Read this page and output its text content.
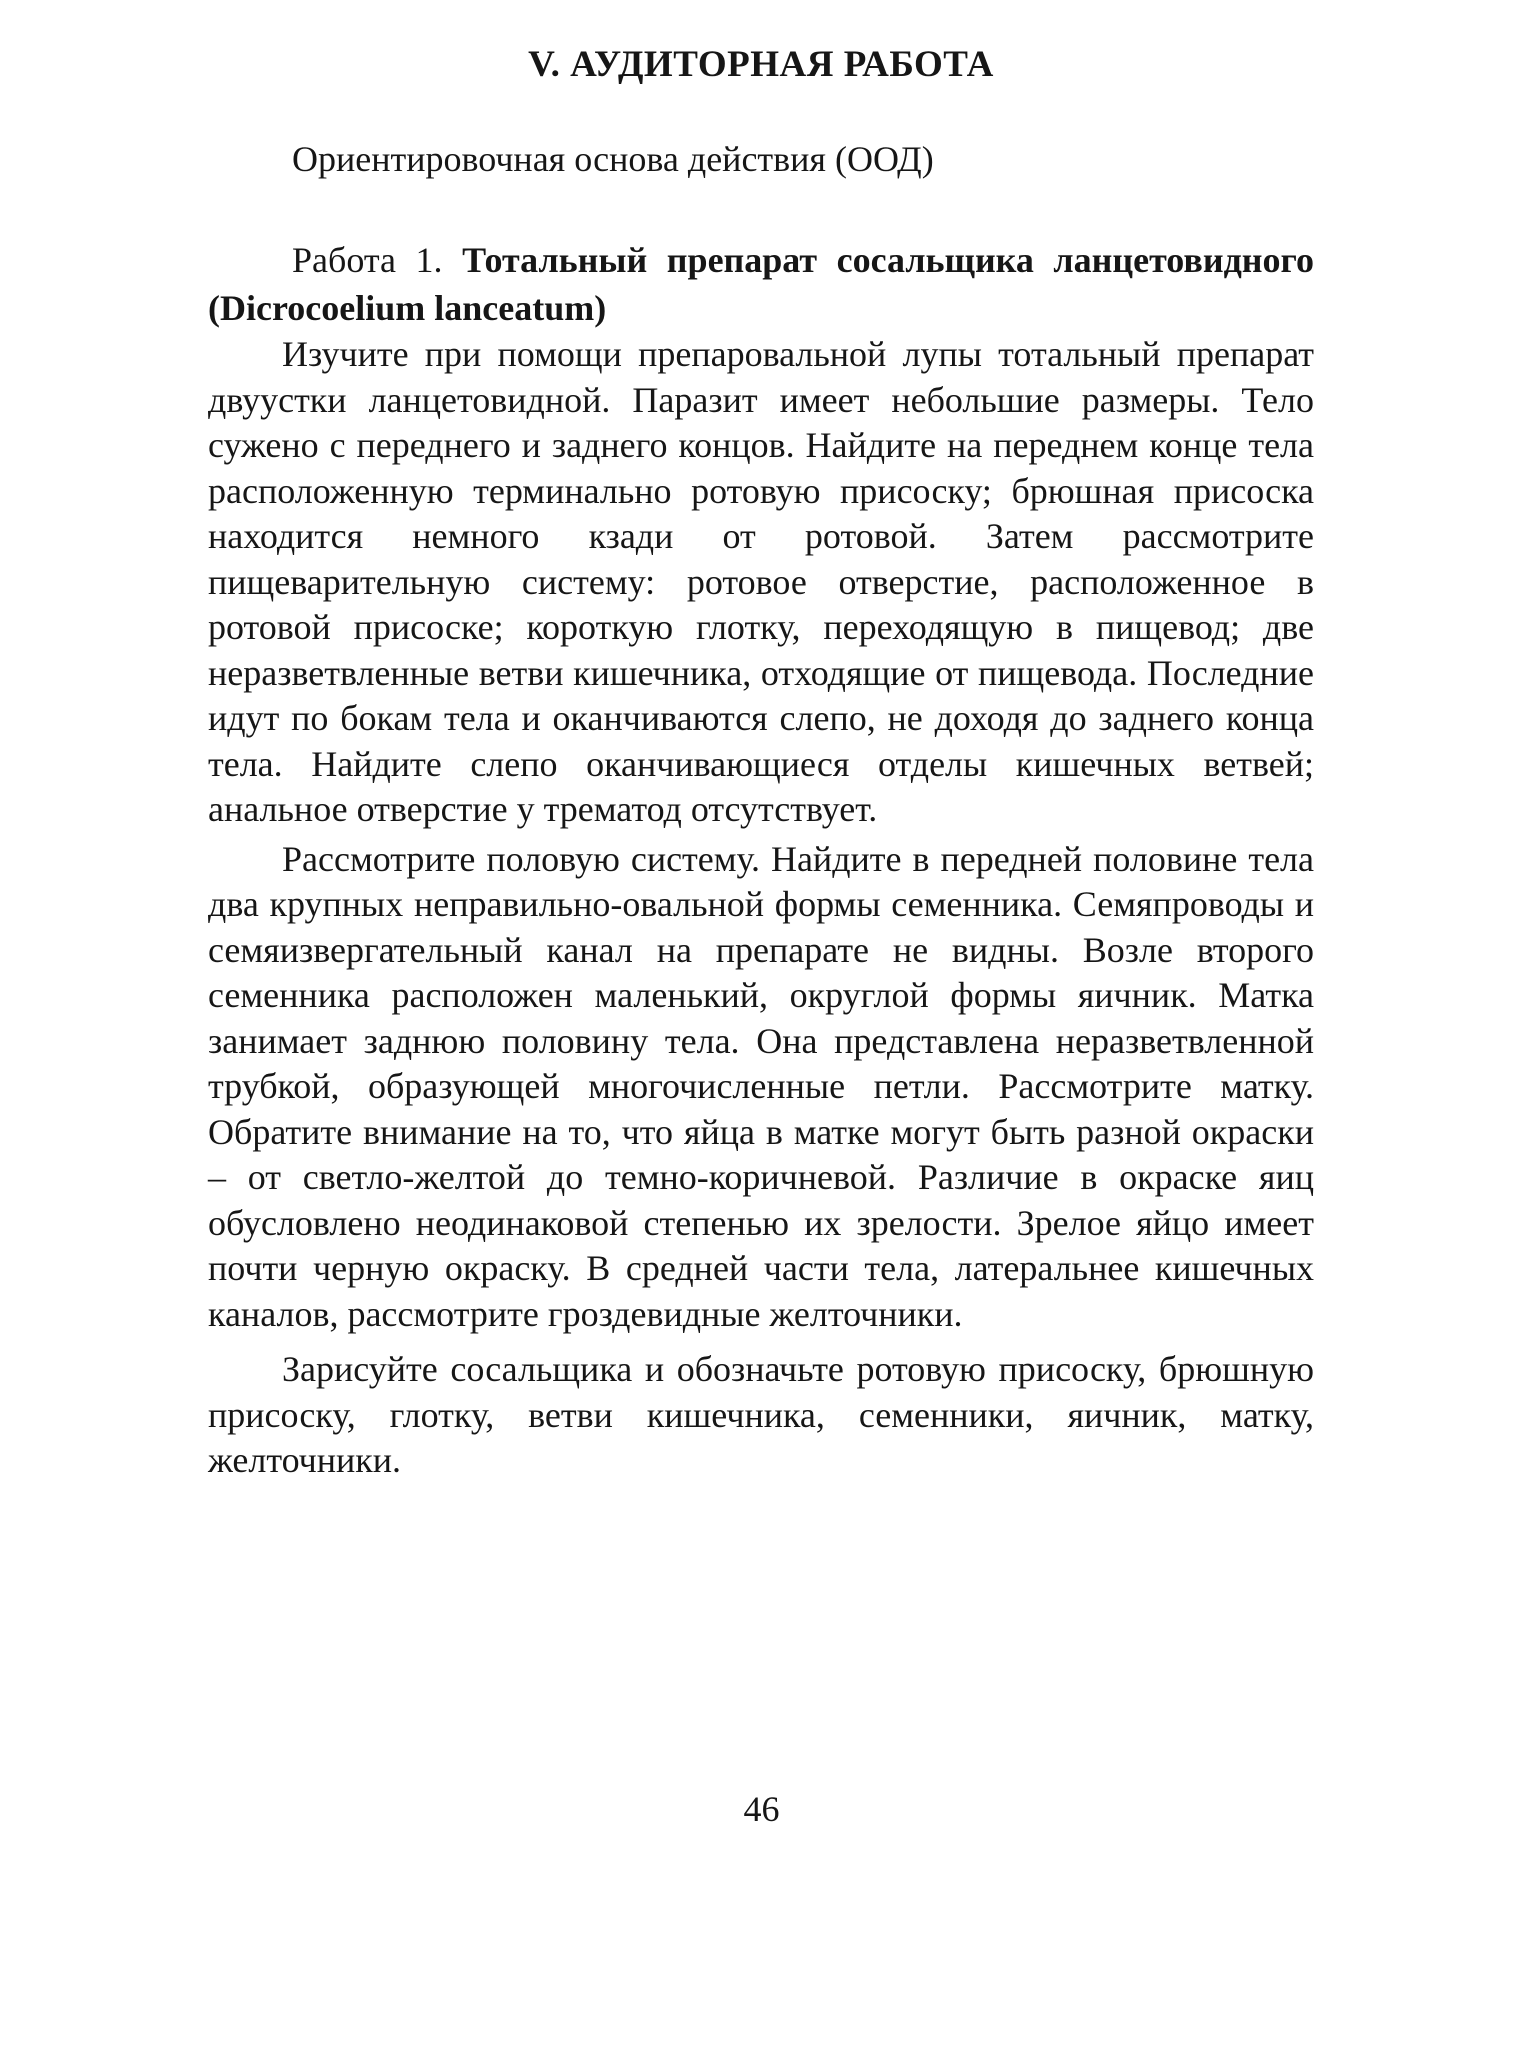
V. АУДИТОРНАЯ РАБОТА

Ориентировочная основа действия (ООД)

Работа 1. Тотальный препарат сосальщика ланцетовидного (Dicrocoelium lanceatum)

Изучите при помощи препаровальной лупы тотальный препарат двуустки ланцетовидной. Паразит имеет небольшие размеры. Тело сужено с переднего и заднего концов. Найдите на переднем конце тела расположенную терминально ротовую присоску; брюшная присоска находится немного кзади от ротовой. Затем рассмотрите пищеварительную систему: ротовое отверстие, расположенное в ротовой присоске; короткую глотку, переходящую в пищевод; две неразветвленные ветви кишечника, отходящие от пищевода. Последние идут по бокам тела и оканчиваются слепо, не доходя до заднего конца тела. Найдите слепо оканчивающиеся отделы кишечных ветвей; анальное отверстие у трематод отсутствует.

Рассмотрите половую систему. Найдите в передней половине тела два крупных неправильно-овальной формы семенника. Семяпроводы и семяизвергательный канал на препарате не видны. Возле второго семенника расположен маленький, округлой формы яичник. Матка занимает заднюю половину тела. Она представлена неразветвленной трубкой, образующей многочисленные петли. Рассмотрите матку. Обратите внимание на то, что яйца в матке могут быть разной окраски – от светло-желтой до темно-коричневой. Различие в окраске яиц обусловлено неодинаковой степенью их зрелости. Зрелое яйцо имеет почти черную окраску. В средней части тела, латеральнее кишечных каналов, рассмотрите гроздевидные желточники.

Зарисуйте сосальщика и обозначьте ротовую присоску, брюшную присоску, глотку, ветви кишечника, семенники, яичник, матку, желточники.

46
